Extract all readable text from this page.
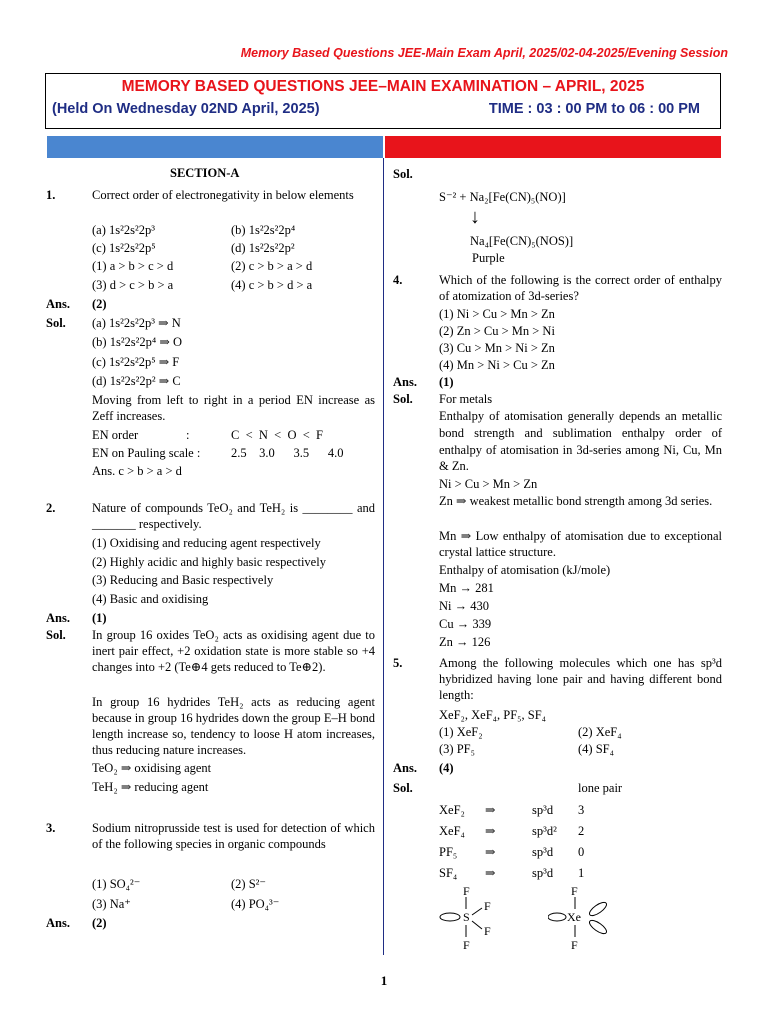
Memory Based Questions JEE-Main Exam April, 2025/02-04-2025/Evening Session
MEMORY BASED QUESTIONS JEE–MAIN EXAMINATION – APRIL, 2025
(Held On Wednesday 02ND April, 2025)	TIME : 03 : 00 PM to 06 : 00 PM
SECTION-A
1.	Correct order of electronegativity in below elements
(a) 1s²2s²2p³	(b) 1s²2s²2p⁴
(c) 1s²2s²2p⁵	(d) 1s²2s²2p²
(1) a > b > c > d	(2) c > b > a > d
(3) d > c > b > a	(4) c > b > d > a
Ans. (2)
Sol. (a) 1s²2s²2p³ ⇒ N
(b) 1s²2s²2p⁴ ⇒ O
(c) 1s²2s²2p⁵ ⇒ F
(d) 1s²2s²2p² ⇒ C
Moving from left to right in a period EN increase as Zeff increases.
EN order	:	C  <  N  <  O  <  F
EN on Pauling scale : 2.5    3.0      3.5      4.0
Ans. c > b > a > d
2.	Nature of compounds TeO₂ and TeH₂ is ________ and _______ respectively.
(1) Oxidising and reducing agent respectively
(2) Highly acidic and highly basic respectively
(3) Reducing and Basic respectively
(4) Basic and oxidising
Ans. (1)
Sol. In group 16 oxides TeO₂ acts as oxidising agent due to inert pair effect, +2 oxidation state is more stable so +4 changes into +2 (Te⊕4 gets reduced to Te⊕2).
In group 16 hydrides TeH₂ acts as reducing agent because in group 16 hydrides down the group E–H bond length increase so, tendency to loose H atom increases, thus reducing nature increases.
TeO₂ ⇒ oxidising agent
TeH₂ ⇒ reducing agent
3.	Sodium nitroprusside test is used for detection of which of the following species in organic compounds
(1) SO₄²⁻	(2) S²⁻
(3) Na⁺	(4) PO₄³⁻
Ans. (2)
Sol.
S⁻² + Na₂[Fe(CN)₅(NO)]
↓
Na₄[Fe(CN)₅(NOS)]
Purple
4.	Which of the following is the correct order of enthalpy of atomization of 3d-series?
(1) Ni > Cu > Mn > Zn
(2) Zn > Cu > Mn > Ni
(3) Cu > Mn > Ni > Zn
(4) Mn > Ni > Cu > Zn
Ans. (1)
Sol. For metals
Enthalpy of atomisation generally depends an metallic bond strength and sublimation enthalpy order of enthalpy of atomisation in 3d-series among Ni, Cu, Mn & Zn.
Ni > Cu > Mn > Zn
Zn ⇒ weakest metallic bond strength among 3d series.
Mn ⇒ Low enthalpy of atomisation due to exceptional crystal lattice structure.
Enthalpy of atomisation (kJ/mole)
Mn → 281
Ni → 430
Cu → 339
Zn → 126
5.	Among the following molecules which one has sp³d hybridized having lone pair and having different bond length:
XeF₂, XeF₄, PF₅, SF₄
(1) XeF₂	(2) XeF₄
(3) PF₅	(4) SF₄
Ans. (4)
Sol.	lone pair
XeF₂ ⇒	sp³d 3
XeF₄ ⇒	sp³d² 2
PF₅ ⇒	sp³d 0
SF₄ ⇒	sp³d 1
F
S
F
F
F
F
Xe
F
1
